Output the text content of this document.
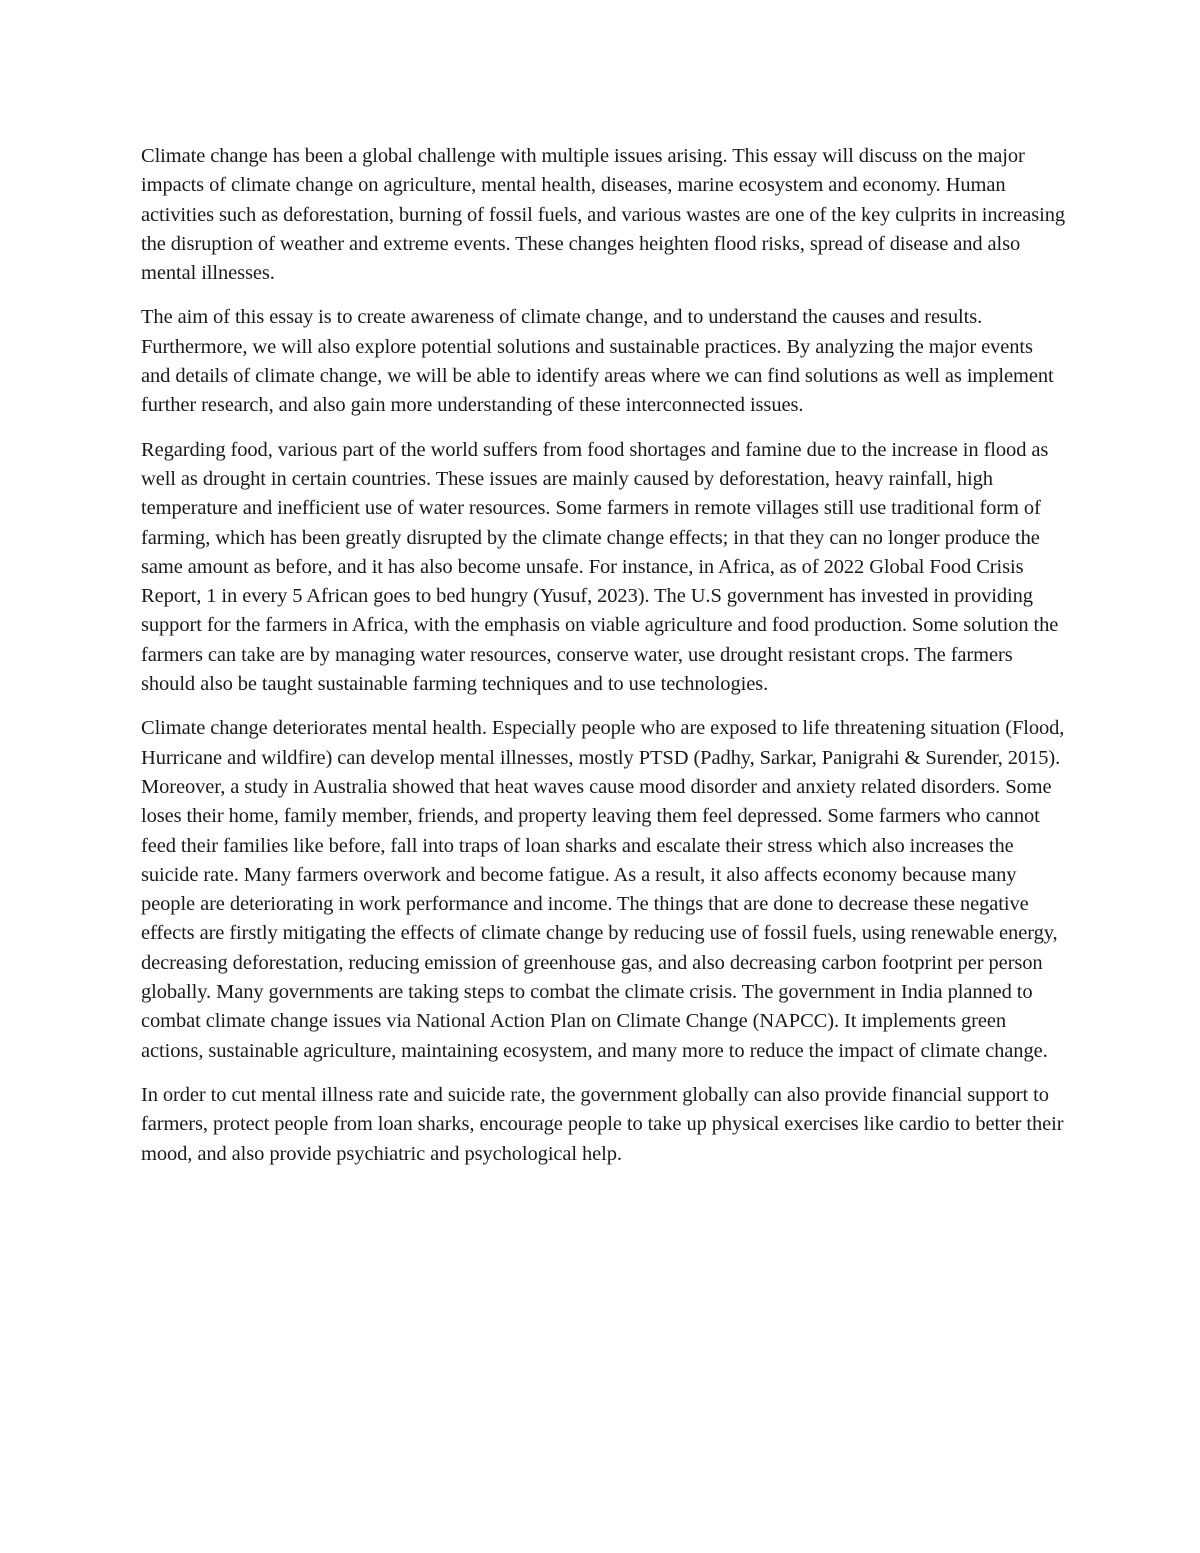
Climate change has been a global challenge with multiple issues arising. This essay will discuss on the major impacts of climate change on agriculture, mental health, diseases, marine ecosystem and economy. Human activities such as deforestation, burning of fossil fuels, and various wastes are one of the key culprits in increasing the disruption of weather and extreme events. These changes heighten flood risks, spread of disease and also mental illnesses.

The aim of this essay is to create awareness of climate change, and to understand the causes and results. Furthermore, we will also explore potential solutions and sustainable practices. By analyzing the major events and details of climate change, we will be able to identify areas where we can find solutions as well as implement further research, and also gain more understanding of these interconnected issues.

Regarding food, various part of the world suffers from food shortages and famine due to the increase in flood as well as drought in certain countries. These issues are mainly caused by deforestation, heavy rainfall, high temperature and inefficient use of water resources. Some farmers in remote villages still use traditional form of farming, which has been greatly disrupted by the climate change effects; in that they can no longer produce the same amount as before, and it has also become unsafe. For instance, in Africa, as of 2022 Global Food Crisis Report, 1 in every 5 African goes to bed hungry (Yusuf, 2023). The U.S government has invested in providing support for the farmers in Africa, with the emphasis on viable agriculture and food production. Some solution the farmers can take are by managing water resources, conserve water, use drought resistant crops. The farmers should also be taught sustainable farming techniques and to use technologies.

Climate change deteriorates mental health. Especially people who are exposed to life threatening situation (Flood, Hurricane and wildfire) can develop mental illnesses, mostly PTSD (Padhy, Sarkar, Panigrahi & Surender, 2015). Moreover, a study in Australia showed that heat waves cause mood disorder and anxiety related disorders. Some loses their home, family member, friends, and property leaving them feel depressed. Some farmers who cannot feed their families like before, fall into traps of loan sharks and escalate their stress which also increases the suicide rate. Many farmers overwork and become fatigue. As a result, it also affects economy because many people are deteriorating in work performance and income. The things that are done to decrease these negative effects are firstly mitigating the effects of climate change by reducing use of fossil fuels, using renewable energy, decreasing deforestation, reducing emission of greenhouse gas, and also decreasing carbon footprint per person globally. Many governments are taking steps to combat the climate crisis. The government in India planned to combat climate change issues via National Action Plan on Climate Change (NAPCC). It implements green actions, sustainable agriculture, maintaining ecosystem, and many more to reduce the impact of climate change.

In order to cut mental illness rate and suicide rate, the government globally can also provide financial support to farmers, protect people from loan sharks, encourage people to take up physical exercises like cardio to better their mood, and also provide psychiatric and psychological help.
